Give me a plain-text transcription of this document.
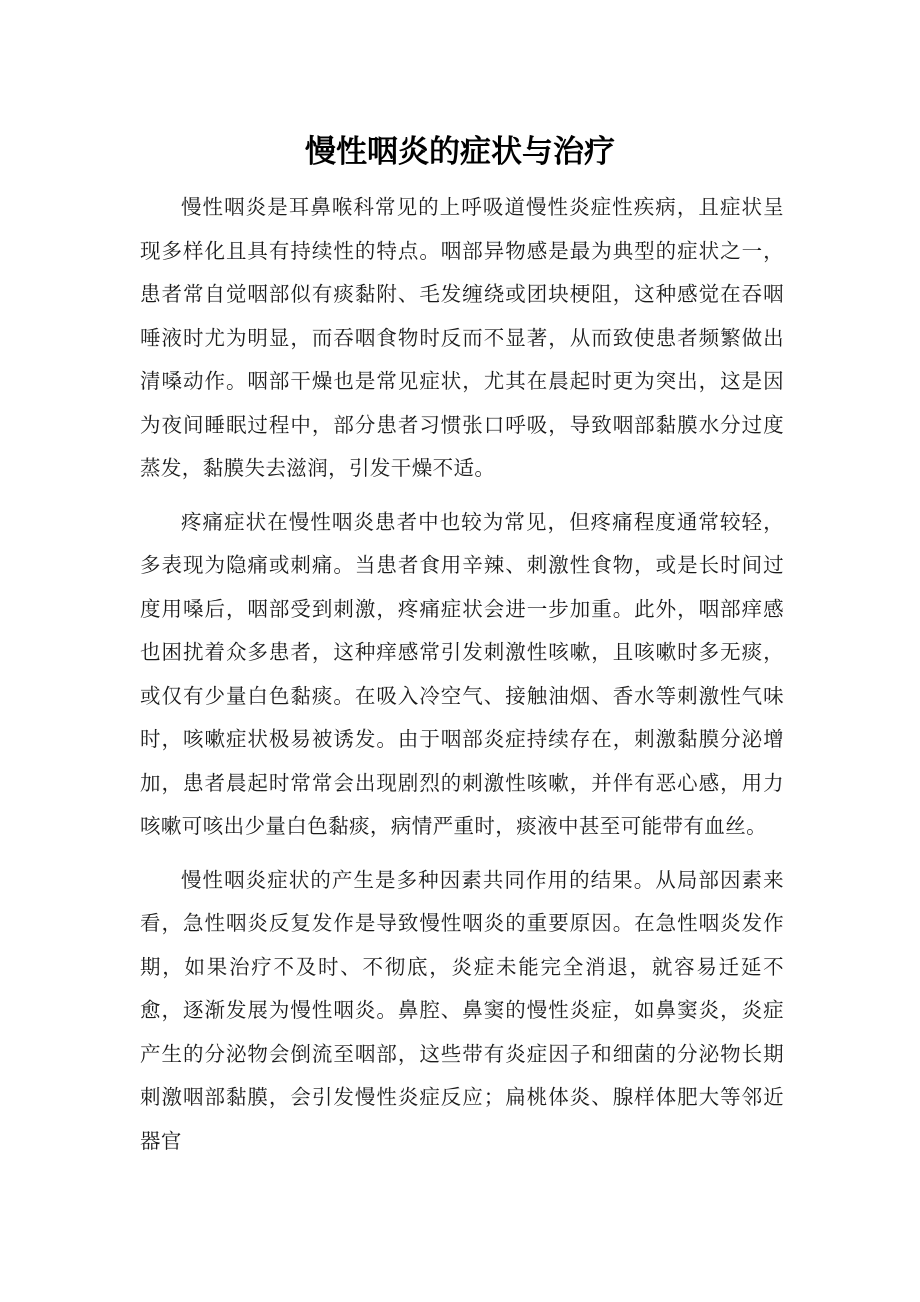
慢性咽炎的症状与治疗

慢性咽炎是耳鼻喉科常见的上呼吸道慢性炎症性疾病，且症状呈现多样化且具有持续性的特点。咽部异物感是最为典型的症状之一，患者常自觉咽部似有痰黏附、毛发缠绕或团块梗阻，这种感觉在吞咽唾液时尤为明显，而吞咽食物时反而不显著，从而致使患者频繁做出清嗓动作。咽部干燥也是常见症状，尤其在晨起时更为突出，这是因为夜间睡眠过程中，部分患者习惯张口呼吸，导致咽部黏膜水分过度蒸发，黏膜失去滋润，引发干燥不适。

疼痛症状在慢性咽炎患者中也较为常见，但疼痛程度通常较轻，多表现为隐痛或刺痛。当患者食用辛辣、刺激性食物，或是长时间过度用嗓后，咽部受到刺激，疼痛症状会进一步加重。此外，咽部痒感也困扰着众多患者，这种痒感常引发刺激性咳嗽，且咳嗽时多无痰，或仅有少量白色黏痰。在吸入冷空气、接触油烟、香水等刺激性气味时，咳嗽症状极易被诱发。由于咽部炎症持续存在，刺激黏膜分泌增加，患者晨起时常常会出现剧烈的刺激性咳嗽，并伴有恶心感，用力咳嗽可咳出少量白色黏痰，病情严重时，痰液中甚至可能带有血丝。

慢性咽炎症状的产生是多种因素共同作用的结果。从局部因素来看，急性咽炎反复发作是导致慢性咽炎的重要原因。在急性咽炎发作期，如果治疗不及时、不彻底，炎症未能完全消退，就容易迁延不愈，逐渐发展为慢性咽炎。鼻腔、鼻窦的慢性炎症，如鼻窦炎，炎症产生的分泌物会倒流至咽部，这些带有炎症因子和细菌的分泌物长期刺激咽部黏膜，会引发慢性炎症反应；扁桃体炎、腺样体肥大等邻近器官
